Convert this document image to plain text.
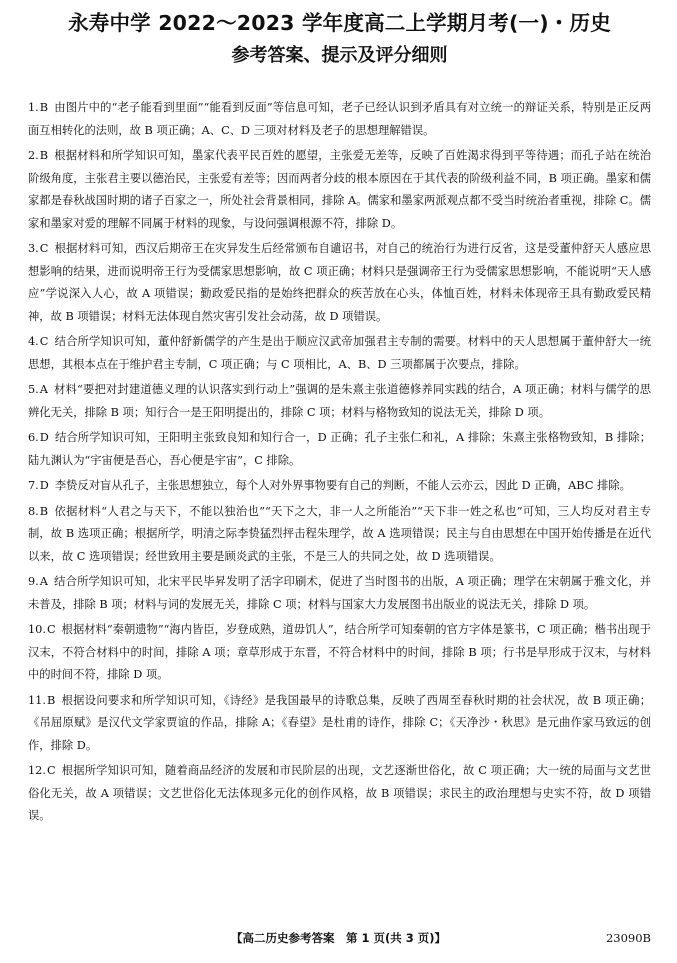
永寿中学 2022～2023 学年度高二上学期月考(一)・历史
参考答案、提示及评分细则
1.B 由图片中的“老子能看到里面”“能看到反面”等信息可知，老子已经认识到矛盾具有对立统一的辩证关系，特别是正反两面互相转化的法则，故 B 项正确；A、C、D 三项对材料及老子的思想理解错误。
2.B 根据材料和所学知识可知，墨家代表平民百姓的愿望，主张爱无差等，反映了百姓渴求得到平等待遇；而孔子站在统治阶级角度，主张君主要以德治民，主张爱有差等；因而两者分歧的根本原因在于其代表的阶级利益不同，B 项正确。墨家和儒家都是春秋战国时期的诸子百家之一，所处社会背景相同，排除 A。儒家和墨家两派观点都不受当时统治者重视，排除 C。儒家和墨家对爱的理解不同属于材料的现象，与设问强调根源不符，排除 D。
3.C 根据材料可知，西汉后期帝王在灾异发生后经常颁布自谴诏书，对自己的统治行为进行反省，这是受董仲舒天人感应思想影响的结果，进而说明帝王行为受儒家思想影响，故 C 项正确；材料只是强调帝王行为受儒家思想影响，不能说明“天人感应”学说深入人心，故 A 项错误；勤政爱民指的是始终把群众的疾苦放在心头，体恤百姓，材料未体现帝王具有勤政爱民精神，故 B 项错误；材料无法体现自然灾害引发社会动荡，故 D 项错误。
4.C 结合所学知识可知，董仲舒新儒学的产生是出于顺应汉武帝加强君主专制的需要。材料中的天人思想属于董仲舒大一统思想，其根本点在于维护君主专制，C 项正确；与 C 项相比，A、B、D 三项都属于次要点，排除。
5.A 材料“要把对封建道德义理的认识落实到行动上”强调的是朱熹主张道德修养同实践的结合，A 项正确；材料与儒学的思辨化无关，排除 B 项；知行合一是王阳明提出的，排除 C 项；材料与格物致知的说法无关，排除 D 项。
6.D 结合所学知识可知，王阳明主张致良知和知行合一，D 正确；孔子主张仁和礼，A 排除；朱熹主张格物致知，B 排除；陆九渊认为“宇宙便是吾心，吾心便是宇宙”，C 排除。
7.D 李贽反对盲从孔子，主张思想独立，每个人对外界事物要有自己的判断，不能人云亦云，因此 D 正确，ABC 排除。
8.B 依据材料“人君之与天下，不能以独治也”“天下之大，非一人之所能治”“天下非一姓之私也”可知，三人均反对君主专制，故 B 选项正确；根据所学，明清之际李贽猛烈抨击程朱理学，故 A 选项错误；民主与自由思想在中国开始传播是在近代以来，故 C 选项错误；经世致用主要是顾炎武的主张，不是三人的共同之处，故 D 选项错误。
9.A 结合所学知识可知，北宋平民毕昇发明了活字印刷术，促进了当时图书的出版，A 项正确；理学在宋朝属于雅文化，并未普及，排除 B 项；材料与词的发展无关，排除 C 项；材料与国家大力发展图书出版业的说法无关，排除 D 项。
10.C 根据材料“秦朝遗物”“海内皆臣，岁登成熟，道毋饥人”，结合所学可知秦朝的官方字体是篆书，C 项正确；楷书出现于汉末，不符合材料中的时间，排除 A 项；章草形成于东晋，不符合材料中的时间，排除 B 项；行书是早形成于汉末，与材料中的时间不符，排除 D 项。
11.B 根据设问要求和所学知识可知，《诗经》是我国最早的诗歌总集，反映了西周至春秋时期的社会状况，故 B 项正确；《吊屈原赋》是汉代文学家贾谊的作品，排除 A；《春望》是杜甫的诗作，排除 C；《天净沙・秋思》是元曲作家马致远的创作，排除 D。
12.C 根据所学知识可知，随着商品经济的发展和市民阶层的出现，文艺逐渐世俗化，故 C 项正确；大一统的局面与文艺世俗化无关，故 A 项错误；文艺世俗化无法体现多元化的创作风格，故 B 项错误；求民主的政治理想与史实不符，故 D 项错误。
【高二历史参考答案　第 1 页(共 3 页)】	23090B
